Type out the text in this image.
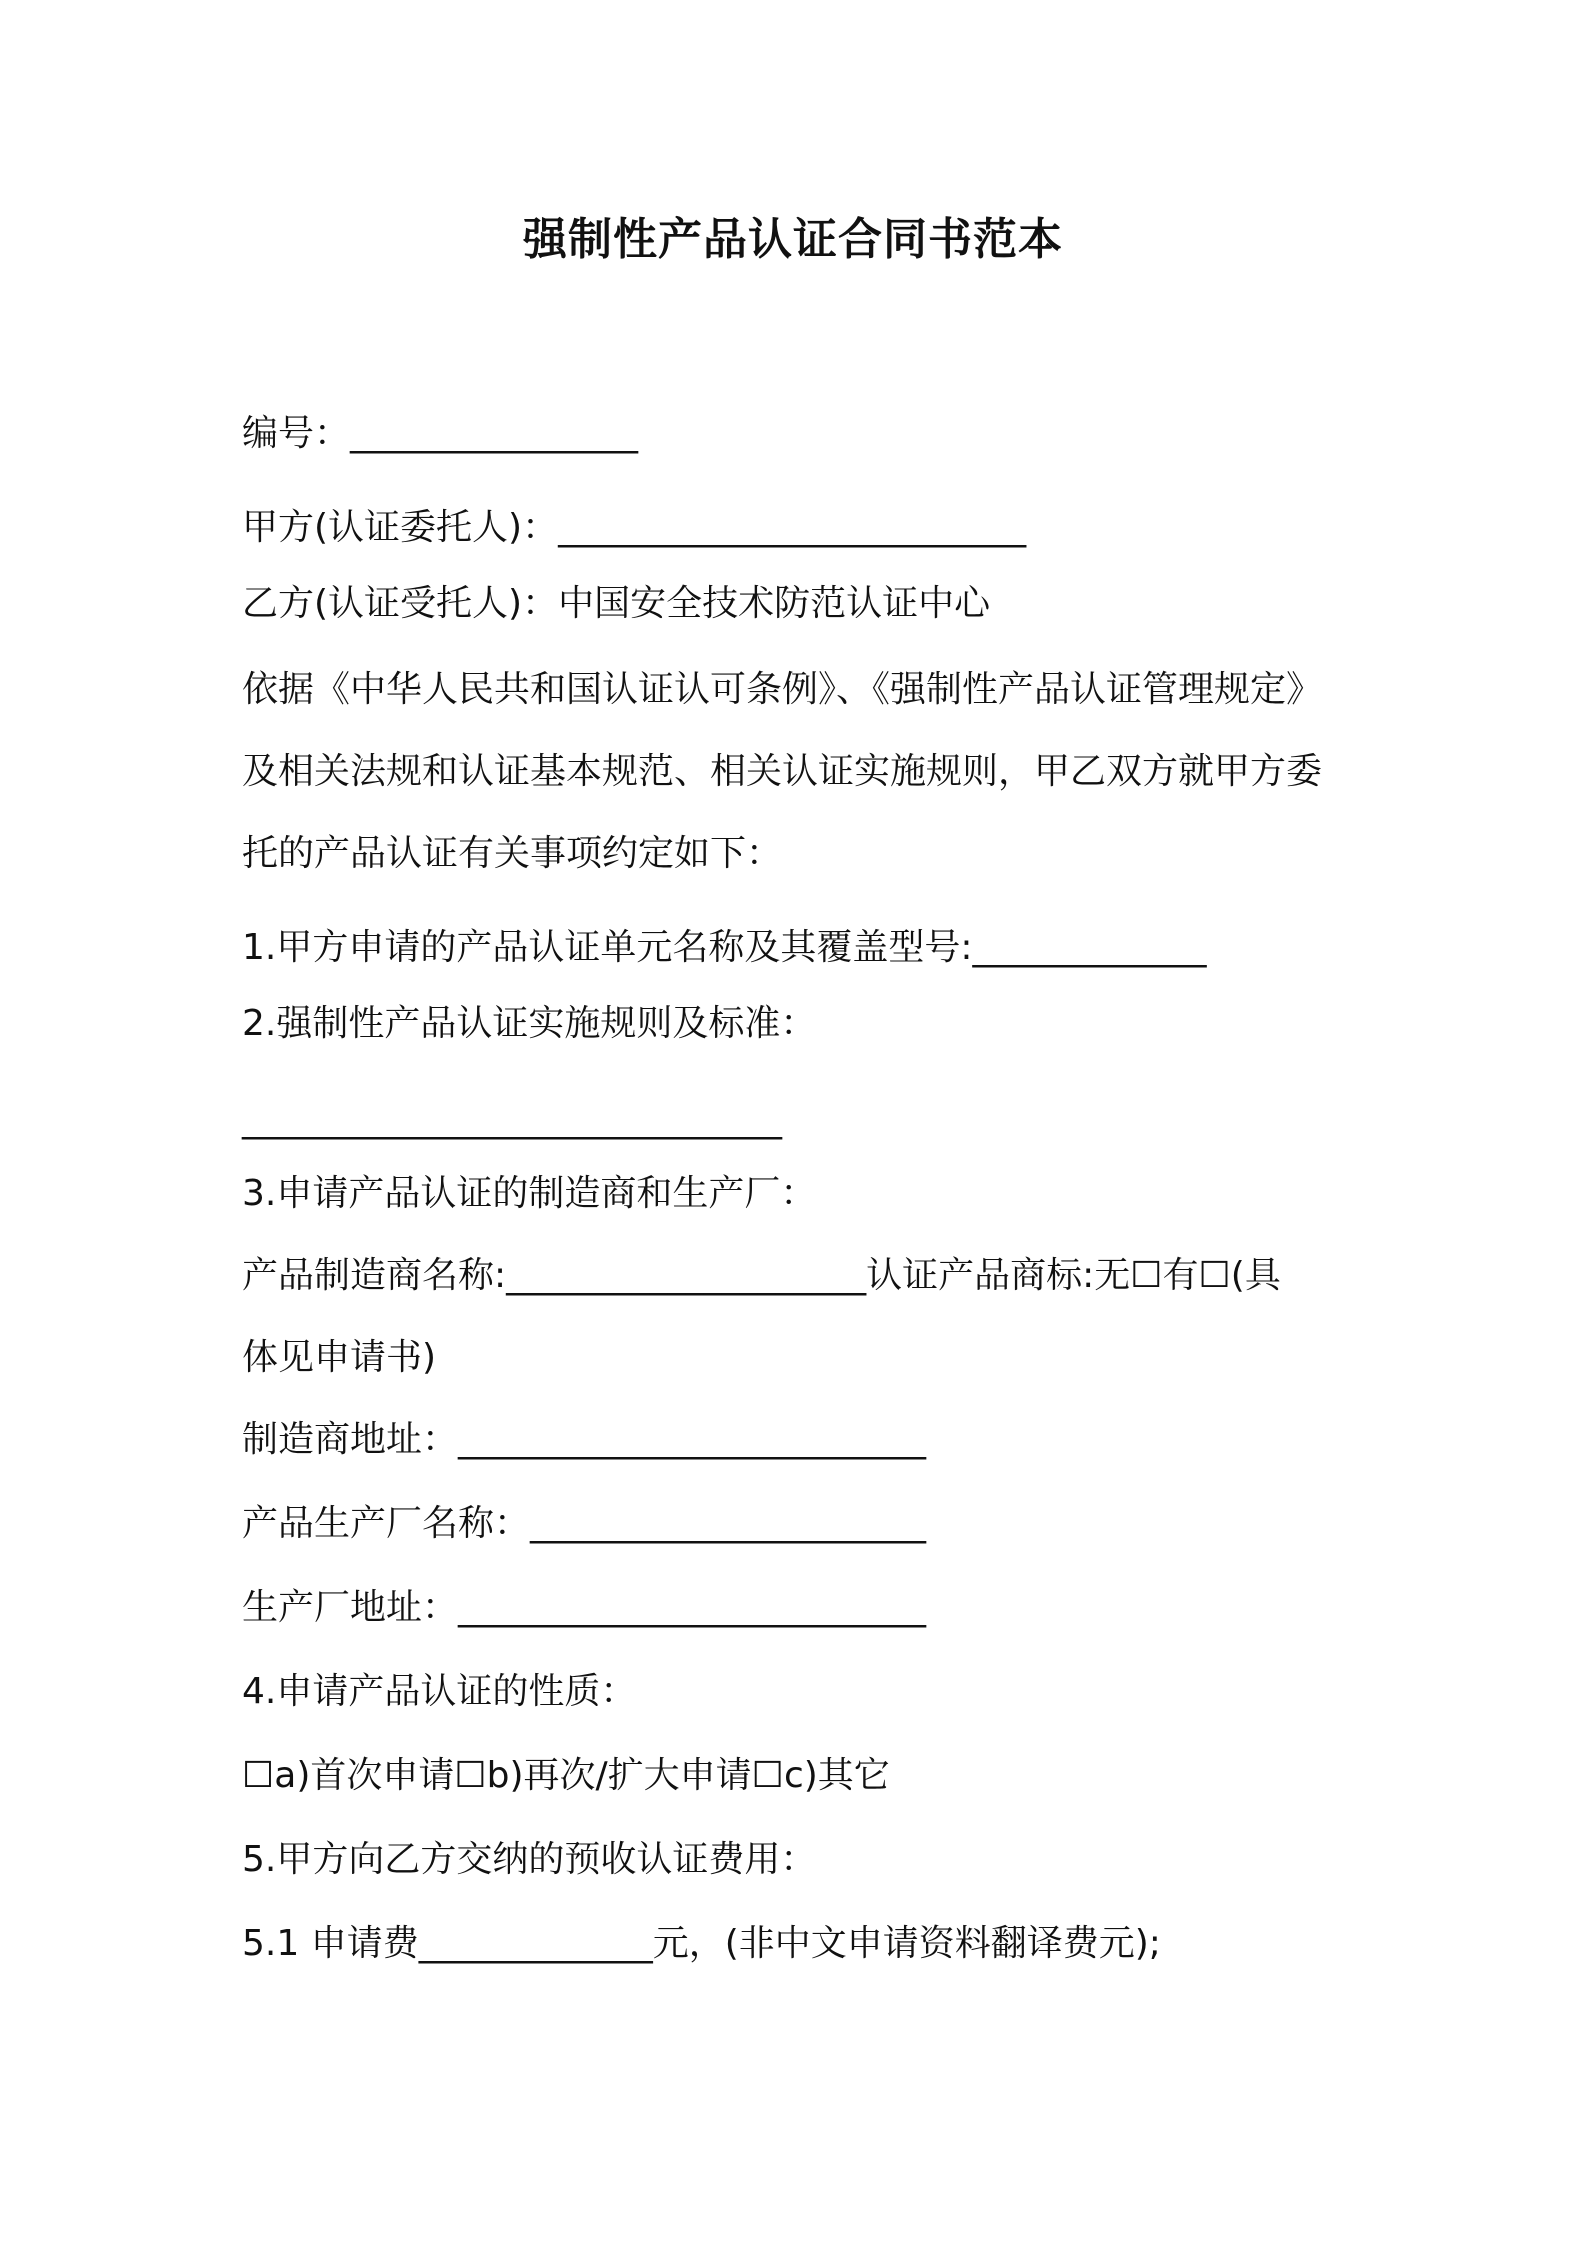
强制性产品认证合同书范本
编号：________________
甲方(认证委托人)：__________________________
乙方(认证受托人)：中国安全技术防范认证中心
依据《中华人民共和国认证认可条例》、《强制性产品认证管理规定》
及相关法规和认证基本规范、相关认证实施规则，甲乙双方就甲方委
托的产品认证有关事项约定如下：
1.甲方申请的产品认证单元名称及其覆盖型号:_____________
2.强制性产品认证实施规则及标准：
______________________________
3.申请产品认证的制造商和生产厂：
产品制造商名称:____________________认证产品商标:无☐有☐(具
体见申请书)
制造商地址：__________________________
产品生产厂名称：______________________
生产厂地址：__________________________
4.申请产品认证的性质：
☐a)首次申请☐b)再次/扩大申请☐c)其它
5.甲方向乙方交纳的预收认证费用：
5.1 申请费_____________元，(非中文申请资料翻译费元);
